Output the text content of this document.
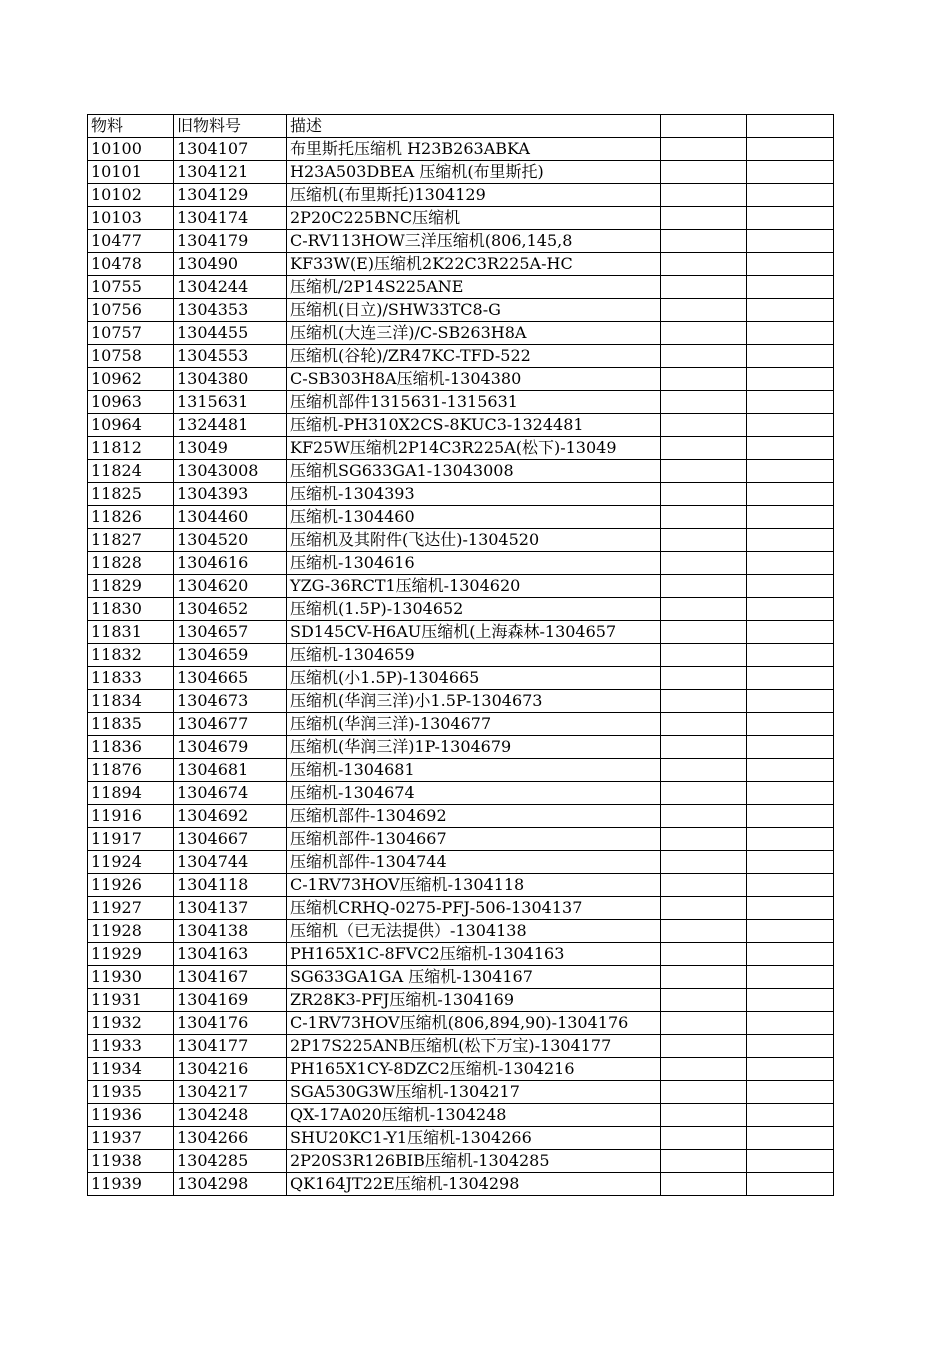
物料	旧物料号	描述		
10100	1304107	布里斯托压缩机 H23B263ABKA		
10101	1304121	H23A503DBEA 压缩机(布里斯托)		
10102	1304129	压缩机(布里斯托)1304129		
10103	1304174	2P20C225BNC压缩机		
10477	1304179	C-RV113HOW三洋压缩机(806,145,8		
10478	130490	KF33W(E)压缩机2K22C3R225A-HC		
10755	1304244	压缩机/2P14S225ANE		
10756	1304353	压缩机(日立)/SHW33TC8-G		
10757	1304455	压缩机(大连三洋)/C-SB263H8A		
10758	1304553	压缩机(谷轮)/ZR47KC-TFD-522		
10962	1304380	C-SB303H8A压缩机-1304380		
10963	1315631	压缩机部件1315631-1315631		
10964	1324481	压缩机-PH310X2CS-8KUC3-1324481		
11812	13049	KF25W压缩机2P14C3R225A(松下)-13049		
11824	13043008	压缩机SG633GA1-13043008		
11825	1304393	压缩机-1304393		
11826	1304460	压缩机-1304460		
11827	1304520	压缩机及其附件(飞达仕)-1304520		
11828	1304616	压缩机-1304616		
11829	1304620	YZG-36RCT1压缩机-1304620		
11830	1304652	压缩机(1.5P)-1304652		
11831	1304657	SD145CV-H6AU压缩机(上海森林-1304657		
11832	1304659	压缩机-1304659		
11833	1304665	压缩机(小1.5P)-1304665		
11834	1304673	压缩机(华润三洋)小1.5P-1304673		
11835	1304677	压缩机(华润三洋)-1304677		
11836	1304679	压缩机(华润三洋)1P-1304679		
11876	1304681	压缩机-1304681		
11894	1304674	压缩机-1304674		
11916	1304692	压缩机部件-1304692		
11917	1304667	压缩机部件-1304667		
11924	1304744	压缩机部件-1304744		
11926	1304118	C-1RV73HOV压缩机-1304118		
11927	1304137	压缩机CRHQ-0275-PFJ-506-1304137		
11928	1304138	压缩机（已无法提供）-1304138		
11929	1304163	PH165X1C-8FVC2压缩机-1304163		
11930	1304167	SG633GA1GA 压缩机-1304167		
11931	1304169	ZR28K3-PFJ压缩机-1304169		
11932	1304176	C-1RV73HOV压缩机(806,894,90)-1304176		
11933	1304177	2P17S225ANB压缩机(松下万宝)-1304177		
11934	1304216	PH165X1CY-8DZC2压缩机-1304216		
11935	1304217	SGA530G3W压缩机-1304217		
11936	1304248	QX-17A020压缩机-1304248		
11937	1304266	SHU20KC1-Y1压缩机-1304266		
11938	1304285	2P20S3R126BIB压缩机-1304285		
11939	1304298	QK164JT22E压缩机-1304298		
